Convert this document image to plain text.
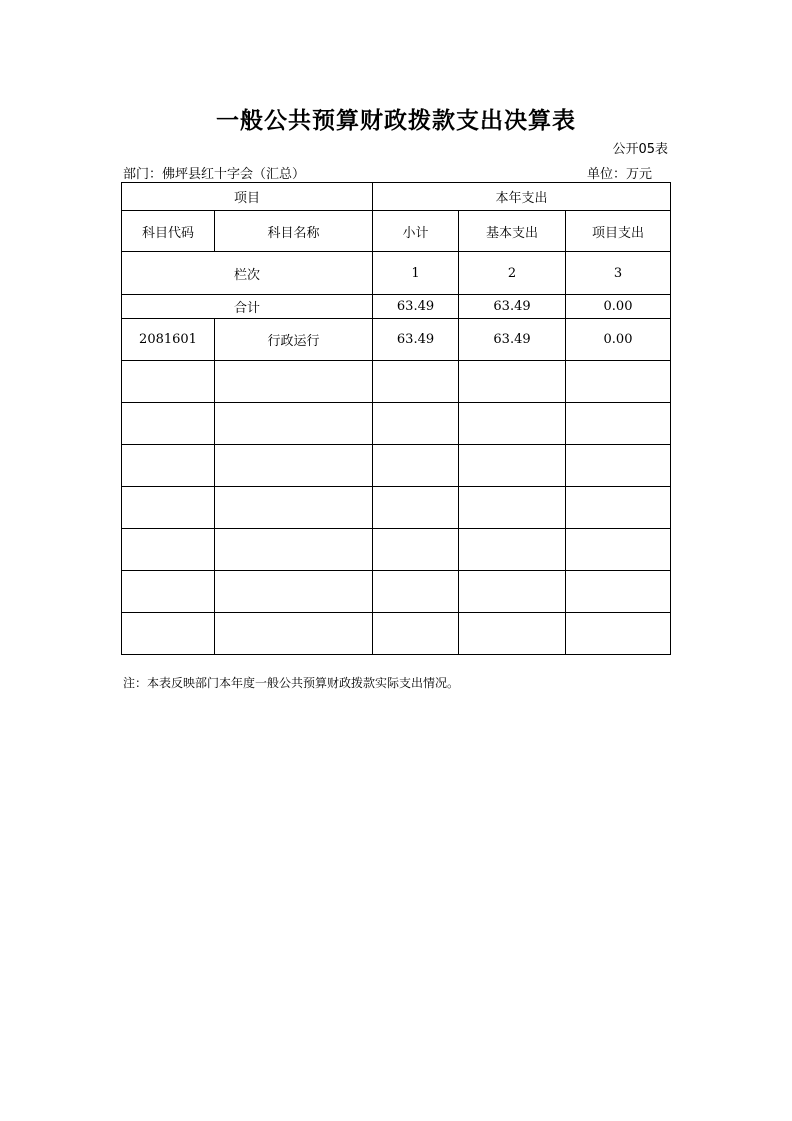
一般公共预算财政拨款支出决算表
公开05表
部门：佛坪县红十字会（汇总）	单位：万元
项目		本年支出		
科目代码	科目名称	小计	基本支出	项目支出
栏次		1	2	3
合计		63.49	63.49	0.00
2081601	行政运行	63.49	63.49	0.00

注：本表反映部门本年度一般公共预算财政拨款实际支出情况。
